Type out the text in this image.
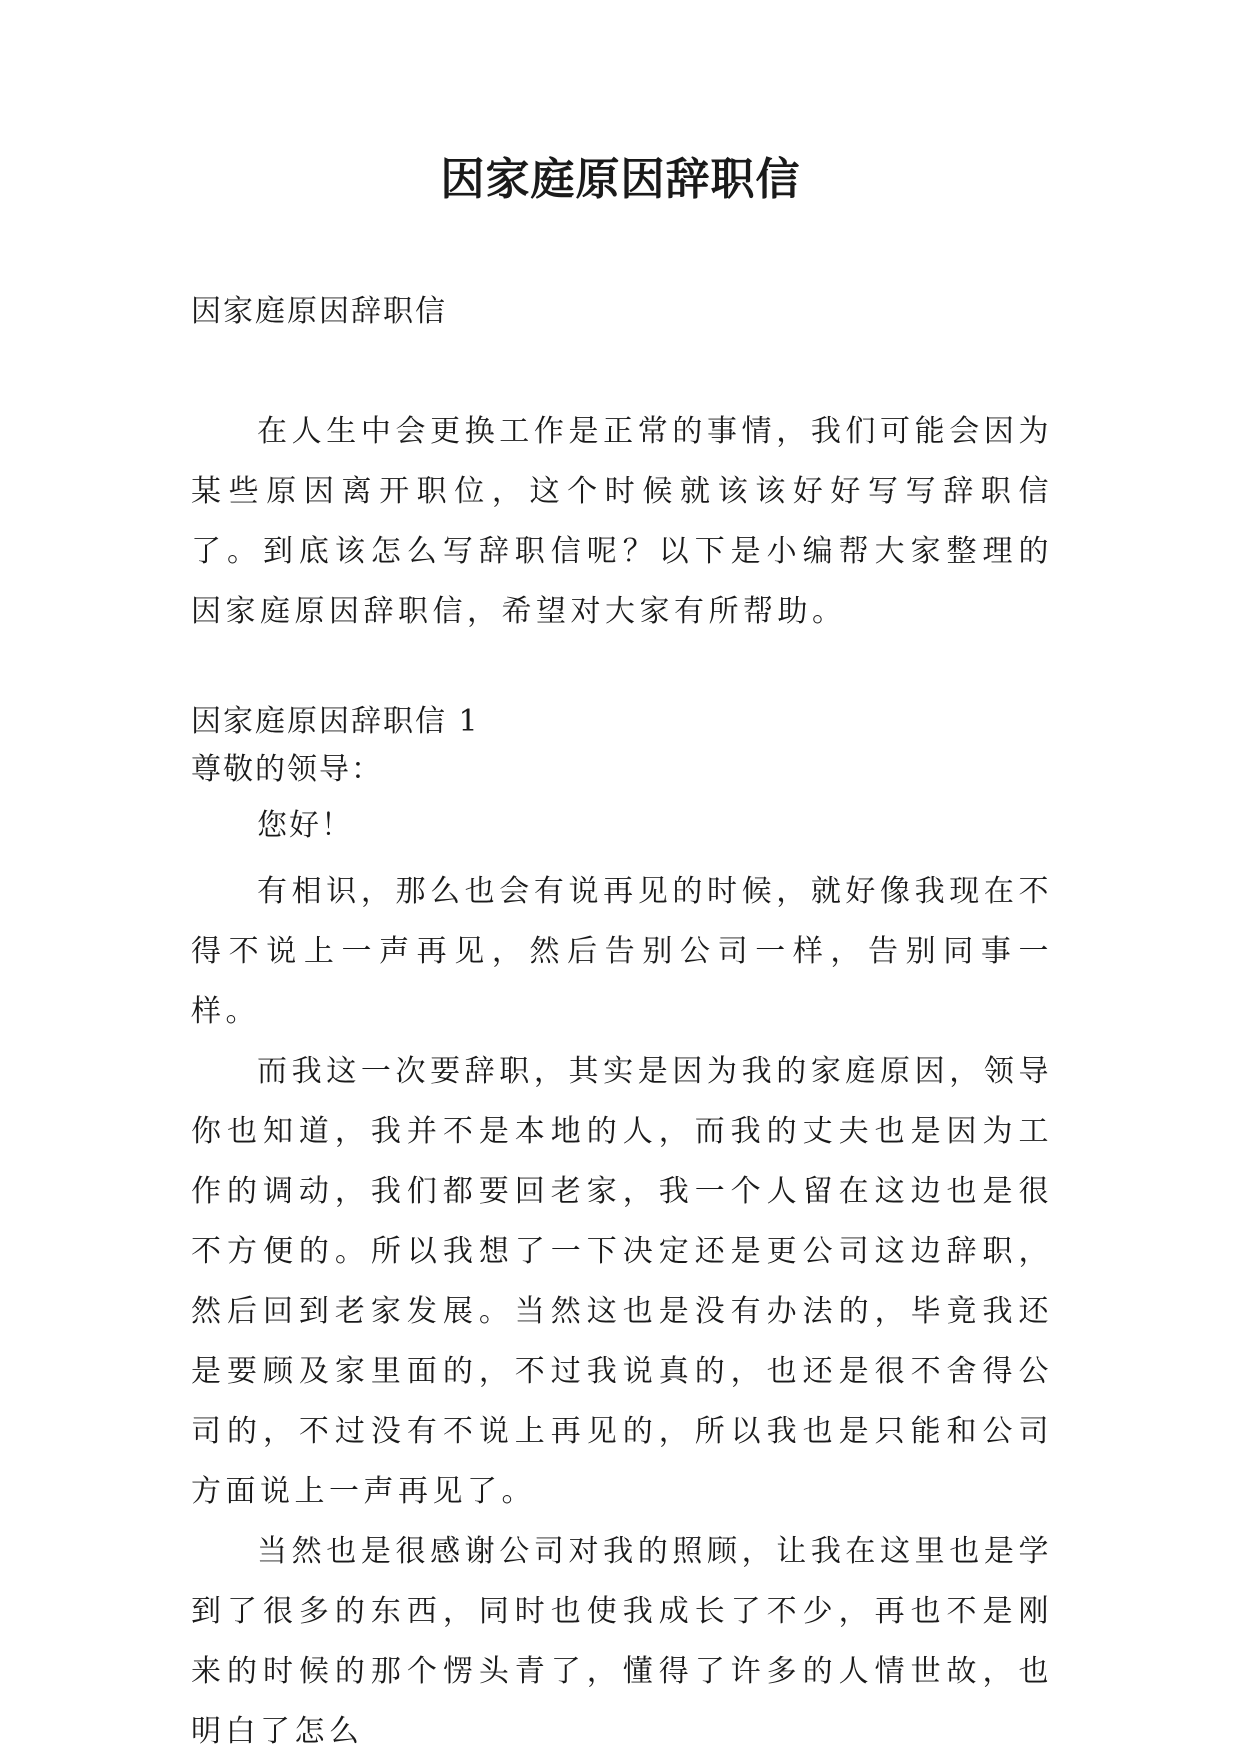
因家庭原因辞职信
因家庭原因辞职信

在人生中会更换工作是正常的事情，我们可能会因为某些原因离开职位，这个时候就该该好好写写辞职信了。到底该怎么写辞职信呢？以下是小编帮大家整理的因家庭原因辞职信，希望对大家有所帮助。

因家庭原因辞职信 1

尊敬的领导：

您好！

有相识，那么也会有说再见的时候，就好像我现在不得不说上一声再见，然后告别公司一样，告别同事一样。

而我这一次要辞职，其实是因为我的家庭原因，领导你也知道，我并不是本地的人，而我的丈夫也是因为工作的调动，我们都要回老家，我一个人留在这边也是很不方便的。所以我想了一下决定还是更公司这边辞职，然后回到老家发展。当然这也是没有办法的，毕竟我还是要顾及家里面的，不过我说真的，也还是很不舍得公司的，不过没有不说上再见的，所以我也是只能和公司方面说上一声再见了。

当然也是很感谢公司对我的照顾，让我在这里也是学到了很多的东西，同时也使我成长了不少，再也不是刚来的时候的那个愣头青了，懂得了许多的人情世故，也明白了怎么
